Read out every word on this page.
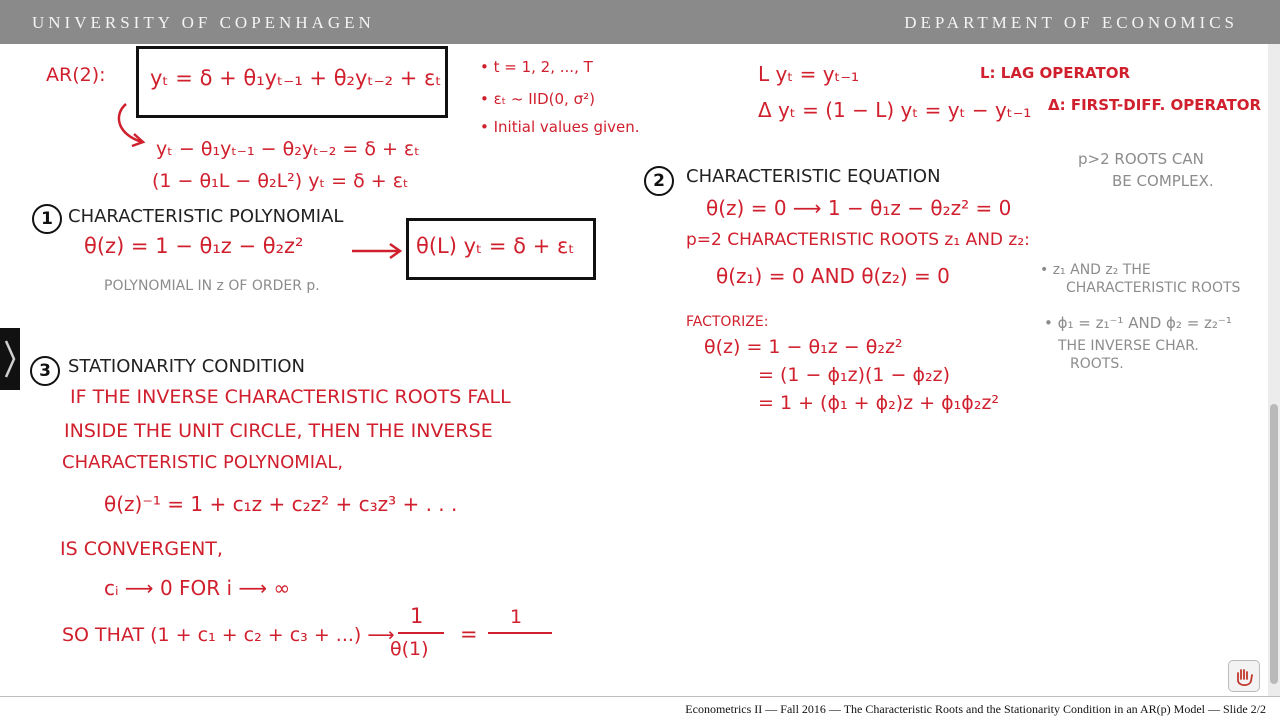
UNIVERSITY OF COPENHAGEN	DEPARTMENT OF ECONOMICS
AR(2): yₜ = δ + θ₁yₜ₋₁ + θ₂yₜ₋₂ + εₜ	• t = 1, 2, ..., T
• εₜ ~ IID(0, σ²)
• Initial values given.
yₜ − θ₁yₜ₋₁ − θ₂yₜ₋₂ = δ + εₜ
(1 − θ₁L − θ₂L²) yₜ = δ + εₜ
L yₜ = yₜ₋₁	L: LAG OPERATOR
Δ yₜ = (1 − L) yₜ = yₜ − yₜ₋₁ Δ: FIRST-DIFF. OPERATOR
1 CHARACTERISTIC POLYNOMIAL
θ(z) = 1 − θ₁z − θ₂z²	θ(L) yₜ = δ + εₜ
POLYNOMIAL IN z OF ORDER p.
2	CHARACTERISTIC EQUATION
θ(z) = 0 ⟶ 1 − θ₁z − θ₂z² = 0
p=2 CHARACTERISTIC ROOTS z₁ AND z₂:
θ(z₁) = 0 AND θ(z₂) = 0
p>2 ROOTS CAN
BE COMPLEX.
• z₁ AND z₂ THE
CHARACTERISTIC ROOTS
• ϕ₁ = z₁⁻¹ AND ϕ₂ = z₂⁻¹
THE INVERSE CHAR.
ROOTS.
FACTORIZE:
θ(z) = 1 − θ₁z − θ₂z²
= (1 − ϕ₁z)(1 − ϕ₂z)
= 1 + (ϕ₁ + ϕ₂)z + ϕ₁ϕ₂z²
3 STATIONARITY CONDITION
IF THE INVERSE CHARACTERISTIC ROOTS FALL
INSIDE THE UNIT CIRCLE, THEN THE INVERSE
CHARACTERISTIC POLYNOMIAL,
θ(z)⁻¹ = 1 + c₁z + c₂z² + c₃z³ + . . .
IS CONVERGENT,
cᵢ ⟶ 0 FOR i ⟶ ∞
SO THAT (1 + c₁ + c₂ + c₃ + ...) ⟶
1
θ(1)
=
1
Econometrics II — Fall 2016 — The Characteristic Roots and the Stationarity Condition in an AR(p) Model — Slide 2/2
